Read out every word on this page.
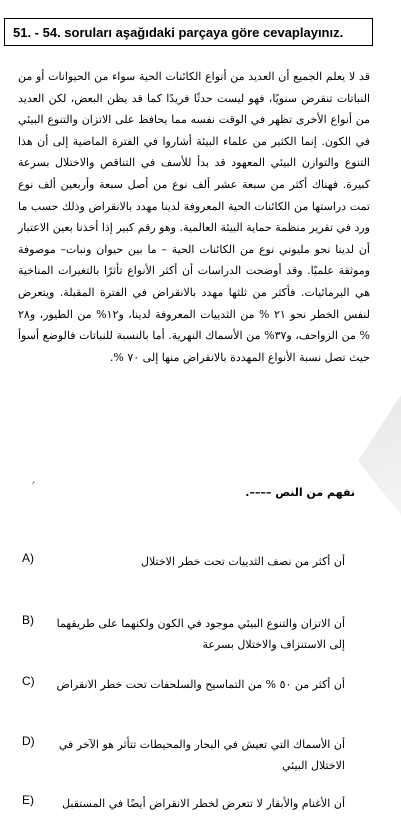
51. - 54. soruları aşağıdaki parçaya göre cevaplayınız.

قد لا يعلم الجميع أن العديد من أنواع الكائنات الحية سواء من الحيوانات أو من النباتات تنقرض سنويًا، فهو ليست حدثًا فريدًا كما قد يظن البعض، لكن العديد من أنواع الأخرى تظهر في الوقت نفسه مما يحافظ على الاتزان والتنوع البيئي في الكون. إنما الكثير من علماء البيئة أشاروا في الفترة الماضية إلى أن هذا التنوع والتوازن البيئي المعهود قد بدأ للأسف في التناقص والاختلال بسرعة كبيرة. فهناك أكثر من سبعة عشر ألف نوع من أصل سبعة وأربعين ألف نوع تمت دراستها من الكائنات الحية المعروفة لدينا مهدد بالانقراض وذلك حسب ما ورد في تقرير منظمة حماية البيئة العالمية. وهو رقم كبير إذا أخذنا بعين الاعتبار أن لدينا نحو مليوني نوع من الكائنات الحية – ما بين حيوان ونبات– موصوفة وموثقة علميًا. وقد أوضحت الدراسات أن أكثر الأنواع تأثرًا بالتغيرات المناخية هي البرمائيات. فأكثر من ثلثها مهدد بالانقراض في الفترة المقبلة. ويتعرض لنفس الخطر نحو ٢١ % من الثدييات المعروفة لدينا، و١٢% من الطيور، و٢٨ % من الزواحف، و٣٧% من الأسماك النهرية. أما بالنسبة للنباتات فالوضع أسوأ حيث تصل نسبة الأنواع المهددة بالانقراض منها إلى ٧٠ %.

′	نفهم من النص ––––.
A)	أن أكثر من نصف الثدييات تحت خطر الاختلال
B)	أن الاتزان والتنوع البيئي موجود في الكون ولكنهما على طريقهما إلى الاستنزاف والاختلال بسرعة
C)	أن أكثر من ٥٠ % من التماسيح والسلحفات تحت خطر الانقراض
D)	أن الأسماك التي تعيش في البحار والمحيطات تتأثر هو الآخر في الاختلال البيئي
E)	أن الأغنام والأبقار لا تتعرض لخطر الانقراض أيضًا في المستقبل
